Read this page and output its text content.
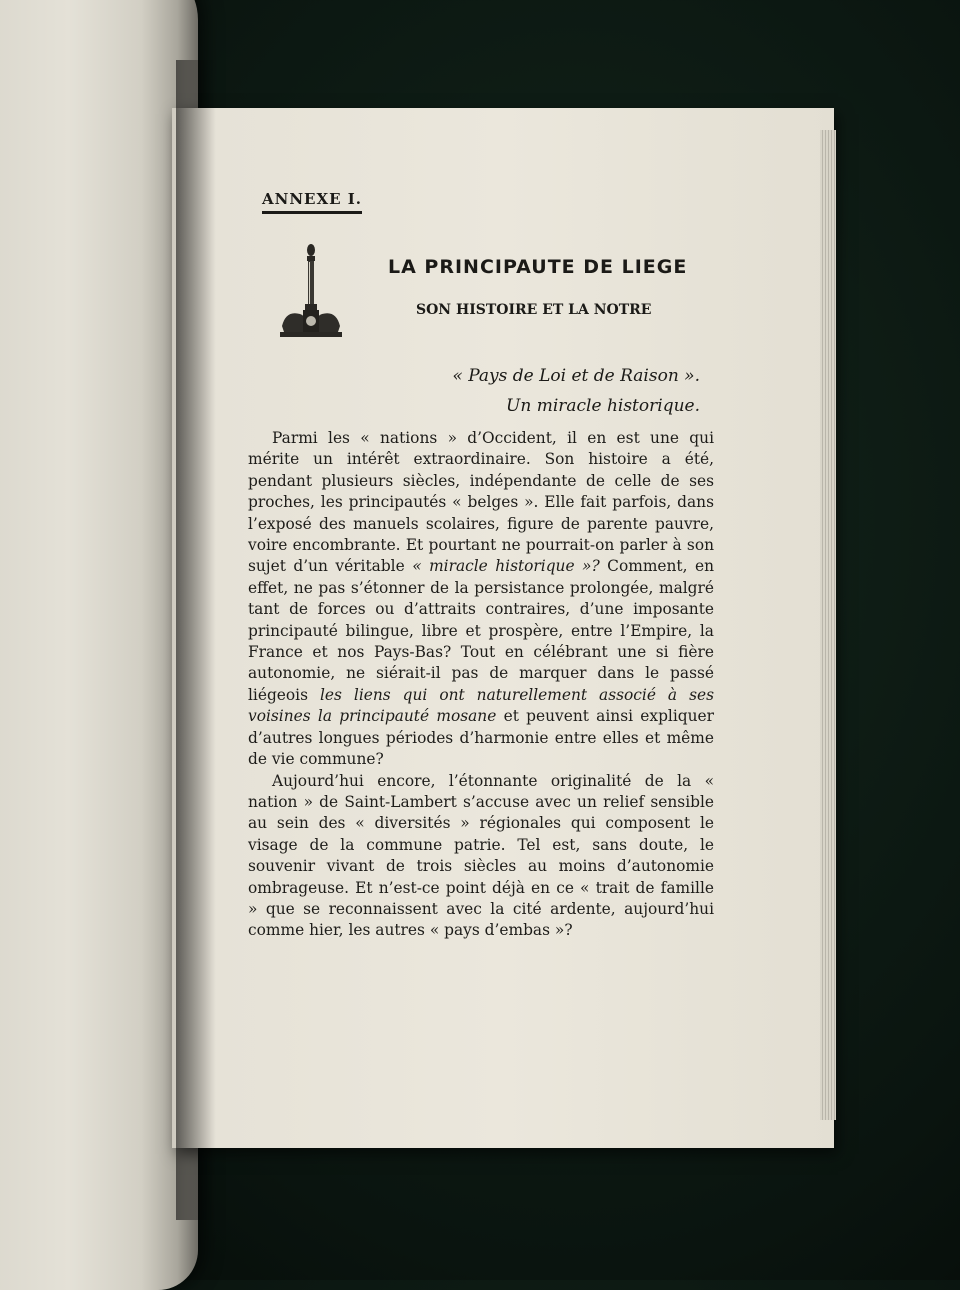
ANNEXE I.
LA PRINCIPAUTE DE LIEGE
SON HISTOIRE ET LA NOTRE
« Pays de Loi et de Raison ».
Un miracle historique.

Parmi les « nations » d’Occident, il en est une qui mérite un intérêt extraordinaire. Son histoire a été, pendant plusieurs siècles, indépendante de celle de ses proches, les principautés « belges ». Elle fait parfois, dans l’exposé des manuels scolaires, figure de parente pauvre, voire encombrante. Et pourtant ne pourrait-on parler à son sujet d’un véritable « miracle historique »? Comment, en effet, ne pas s’étonner de la persistance prolongée, malgré tant de forces ou d’attraits contraires, d’une imposante principauté bilingue, libre et prospère, entre l’Empire, la France et nos Pays-Bas? Tout en célébrant une si fière autonomie, ne siérait-il pas de marquer dans le passé liégeois les liens qui ont naturellement associé à ses voisines la principauté mosane et peuvent ainsi expliquer d’autres longues périodes d’harmonie entre elles et même de vie commune?

Aujourd’hui encore, l’étonnante originalité de la « nation » de Saint-Lambert s’accuse avec un relief sensible au sein des « diversités » régionales qui composent le visage de la commune patrie. Tel est, sans doute, le souvenir vivant de trois siècles au moins d’autonomie ombrageuse. Et n’est-ce point déjà en ce « trait de famille » que se reconnaissent avec la cité ardente, aujourd’hui comme hier, les autres « pays d’embas »?
